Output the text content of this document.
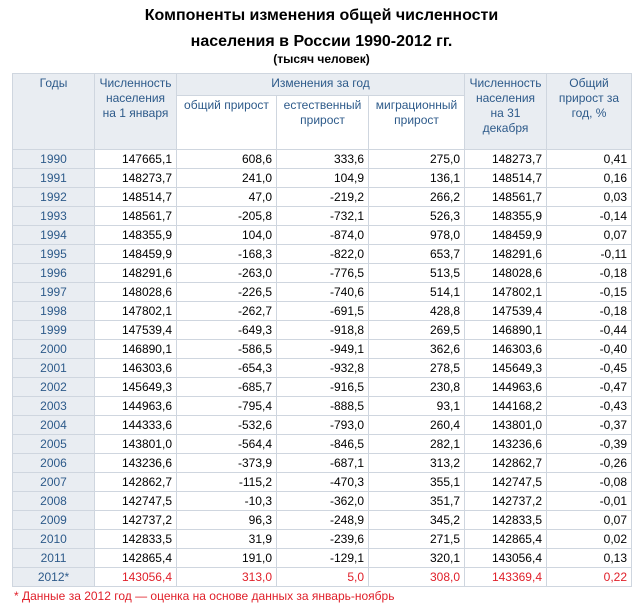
Компоненты изменения общей численности
населения в России 1990-2012 гг.
(тысяч человек)
Годы	Численность населения на 1 января	Изменения за год			Численность населения на 31 декабря	Общий прирост за год, %
		общий прирост	естественный прирост	миграционный прирост		
1990	147665,1	608,6	333,6	275,0	148273,7	0,41
1991	148273,7	241,0	104,9	136,1	148514,7	0,16
1992	148514,7	47,0	-219,2	266,2	148561,7	0,03
1993	148561,7	-205,8	-732,1	526,3	148355,9	-0,14
1994	148355,9	104,0	-874,0	978,0	148459,9	0,07
1995	148459,9	-168,3	-822,0	653,7	148291,6	-0,11
1996	148291,6	-263,0	-776,5	513,5	148028,6	-0,18
1997	148028,6	-226,5	-740,6	514,1	147802,1	-0,15
1998	147802,1	-262,7	-691,5	428,8	147539,4	-0,18
1999	147539,4	-649,3	-918,8	269,5	146890,1	-0,44
2000	146890,1	-586,5	-949,1	362,6	146303,6	-0,40
2001	146303,6	-654,3	-932,8	278,5	145649,3	-0,45
2002	145649,3	-685,7	-916,5	230,8	144963,6	-0,47
2003	144963,6	-795,4	-888,5	93,1	144168,2	-0,43
2004	144333,6	-532,6	-793,0	260,4	143801,0	-0,37
2005	143801,0	-564,4	-846,5	282,1	143236,6	-0,39
2006	143236,6	-373,9	-687,1	313,2	142862,7	-0,26
2007	142862,7	-115,2	-470,3	355,1	142747,5	-0,08
2008	142747,5	-10,3	-362,0	351,7	142737,2	-0,01
2009	142737,2	96,3	-248,9	345,2	142833,5	0,07
2010	142833,5	31,9	-239,6	271,5	142865,4	0,02
2011	142865,4	191,0	-129,1	320,1	143056,4	0,13
2012*	143056,4	313,0	5,0	308,0	143369,4	0,22
* Данные за 2012 год — оценка на основе данных за январь-ноябрь
